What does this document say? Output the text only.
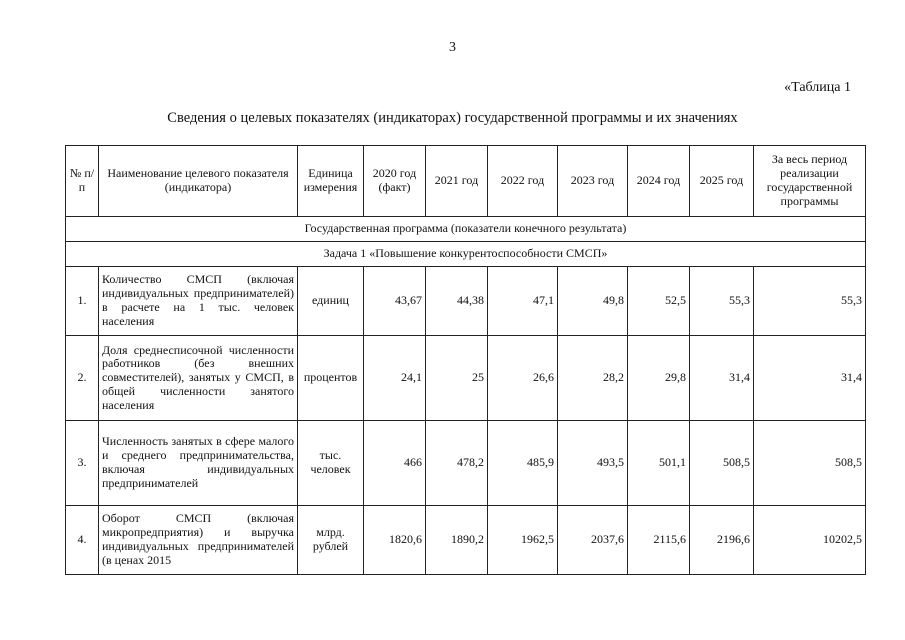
3
«Таблица 1
Сведения о целевых показателях (индикаторах) государственной программы и их значениях
№ п/п	Наименование целевого показателя (индикатора)	Единица измерения	2020 год (факт)	2021 год	2022 год	2023 год	2024 год	2025 год	За весь период реализации государственной программы
Государственная программа (показатели конечного результата)									
Задача 1 «Повышение конкурентоспособности СМСП»									
1.	Количество СМСП (включая индивидуальных предпринимателей) в расчете на 1 тыс. человек населения	единиц	43,67	44,38	47,1	49,8	52,5	55,3	55,3
2.	Доля среднесписочной численности работников (без внешних совместителей), занятых у СМСП, в общей численности занятого населения	процентов	24,1	25	26,6	28,2	29,8	31,4	31,4
3.	Численность занятых в сфере малого и среднего предпринимательства, включая индивидуальных предпринимателей	тыс. человек	466	478,2	485,9	493,5	501,1	508,5	508,5
4.	Оборот СМСП (включая микропредприятия) и выручка индивидуальных предпринимателей (в ценах 2015	млрд. рублей	1820,6	1890,2	1962,5	2037,6	2115,6	2196,6	10202,5
